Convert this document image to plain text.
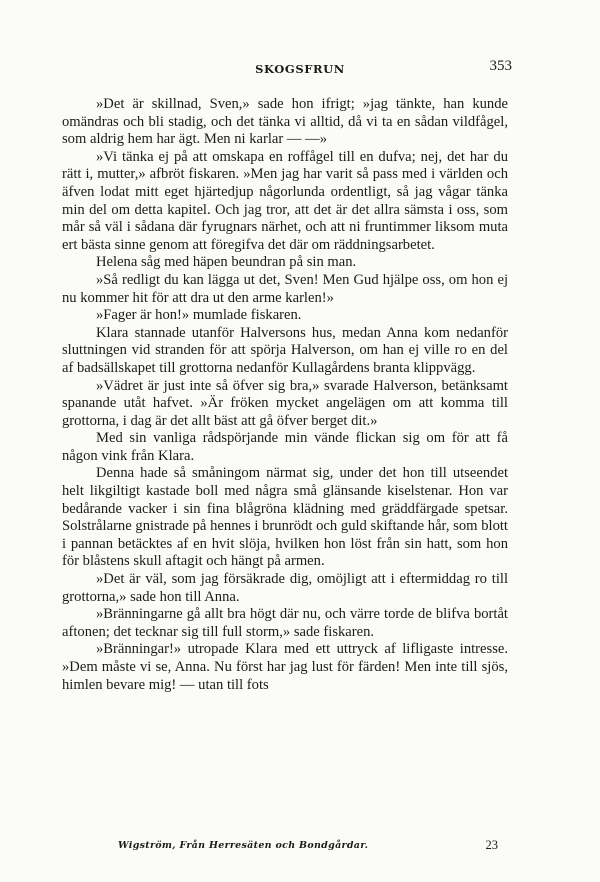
SKOGSFRUN	353

»Det är skillnad, Sven,» sade hon ifrigt; »jag tänkte, han kunde omändras och bli stadig, och det tänka vi alltid, då vi ta en sådan vildfågel, som aldrig hem har ägt. Men ni karlar — —»

»Vi tänka ej på att omskapa en roffågel till en dufva; nej, det har du rätt i, mutter,» afbröt fiskaren. »Men jag har varit så pass med i världen och äfven lodat mitt eget hjärtedjup någorlunda ordentligt, så jag vågar tänka min del om detta kapitel. Och jag tror, att det är det allra sämsta i oss, som mår så väl i sådana där fyrugnars närhet, och att ni fruntimmer liksom muta ert bästa sinne genom att föregifva det där om räddningsarbetet.

Helena såg med häpen beundran på sin man.

»Så redligt du kan lägga ut det, Sven! Men Gud hjälpe oss, om hon ej nu kommer hit för att dra ut den arme karlen!»

»Fager är hon!» mumlade fiskaren.

Klara stannade utanför Halversons hus, medan Anna kom nedanför sluttningen vid stranden för att spörja Halverson, om han ej ville ro en del af badsällskapet till grottorna nedanför Kullagårdens branta klippvägg.

»Vädret är just inte så öfver sig bra,» svarade Halverson, betänksamt spanande utåt hafvet. »Är fröken mycket angelägen om att komma till grottorna, i dag är det allt bäst att gå öfver berget dit.»

Med sin vanliga rådspörjande min vände flickan sig om för att få någon vink från Klara.

Denna hade så småningom närmat sig, under det hon till utseendet helt likgiltigt kastade boll med några små glänsande kiselstenar. Hon var bedårande vacker i sin fina blågröna klädning med gräddfärgade spetsar. Solstrålarne gnistrade på hennes i brunrödt och guld skiftande hår, som blott i pannan betäcktes af en hvit slöja, hvilken hon löst från sin hatt, som hon för blåstens skull aftagit och hängt på armen.

»Det är väl, som jag försäkrade dig, omöjligt att i eftermiddag ro till grottorna,» sade hon till Anna.

»Bränningarne gå allt bra högt där nu, och värre torde de blifva bortåt aftonen; det tecknar sig till full storm,» sade fiskaren.

»Bränningar!» utropade Klara med ett uttryck af lifligaste intresse. »Dem måste vi se, Anna. Nu först har jag lust för färden! Men inte till sjös, himlen bevare mig! — utan till fots

Wigström, Från Herresäten och Bondgårdar.	23
